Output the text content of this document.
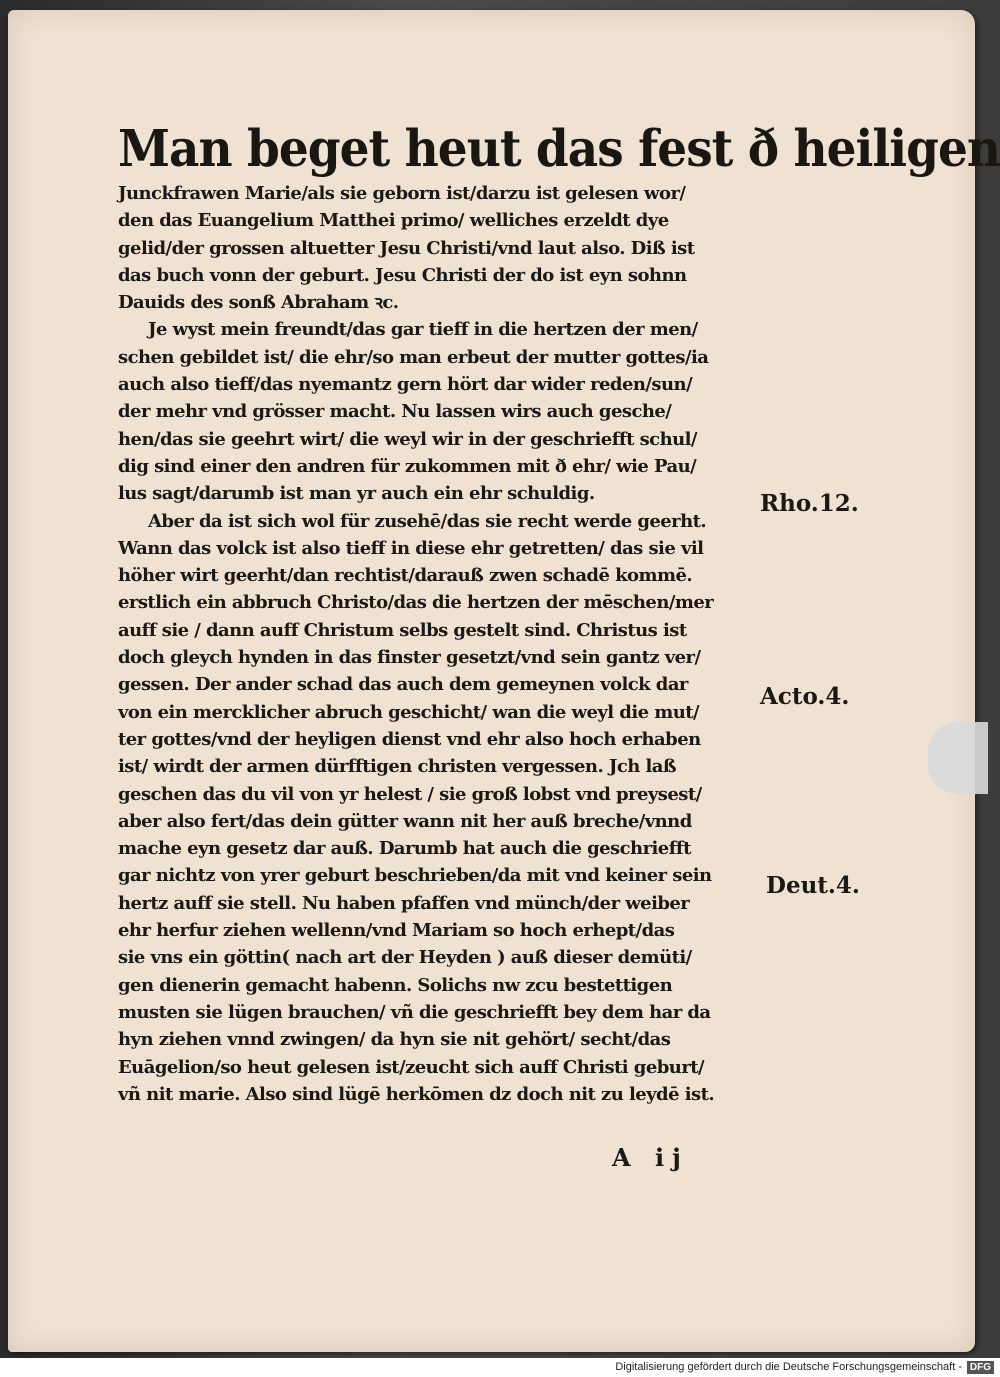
Man beget heut das fest ð heiligen
Junckfrawen Marie/als sie geborn ist/darzu ist gelesen wor/
den das Euangelium Matthei primo/ welliches erzeldt dye
gelid/der grossen altuetter Jesu Christi/vnd laut also. Diß ist
das buch vonn der geburt. Jesu Christi der do ist eyn sohnn
Dauids des sonß Abraham ꝛc.
Je wyst mein freundt/das gar tieff in die hertzen der men/
schen gebildet ist/ die ehr/so man erbeut der mutter gottes/ia
auch also tieff/das nyemantz gern hört dar wider reden/sun/
der mehr vnd grösser macht. Nu lassen wirs auch gesche/
hen/das sie geehrt wirt/ die weyl wir in der geschriefft schul/
dig sind einer den andren für zukommen mit ð ehr/ wie Pau/
lus sagt/darumb ist man yr auch ein ehr schuldig.
Aber da ist sich wol für zusehē/das sie recht werde geerht.
Wann das volck ist also tieff in diese ehr getretten/ das sie vil
höher wirt geerht/dan rechtist/darauß zwen schadē kommē.
erstlich ein abbruch Christo/das die hertzen der mēschen/mer
auff sie / dann auff Christum selbs gestelt sind. Christus ist
doch gleych hynden in das finster gesetzt/vnd sein gantz ver/
gessen. Der ander schad das auch dem gemeynen volck dar
von ein mercklicher abruch geschicht/ wan die weyl die mut/
ter gottes/vnd der heyligen dienst vnd ehr also hoch erhaben
ist/ wirdt der armen dürfftigen christen vergessen. Jch laß
geschen das du vil von yr helest / sie groß lobst vnd preysest/
aber also fert/das dein gütter wann nit her auß breche/vnnd
mache eyn gesetz dar auß. Darumb hat auch die geschriefft
gar nichtz von yrer geburt beschrieben/da mit vnd keiner sein
hertz auff sie stell. Nu haben pfaffen vnd münch/der weiber
ehr herfur ziehen wellenn/vnd Mariam so hoch erhept/das
sie vns ein göttin( nach art der Heyden ) auß dieser demüti/
gen dienerin gemacht habenn. Solichs nw zcu bestettigen
musten sie lügen brauchen/ vñ die geschriefft bey dem har da
hyn ziehen vnnd zwingen/ da hyn sie nit gehört/ secht/das
Euāgelion/so heut gelesen ist/zeucht sich auff Christi geburt/
vñ nit marie. Also sind lügē herkōmen dz doch nit zu leydē ist.
Rho.12.
Acto.4.
Deut.4.
A ij
Digitalisierung gefördert durch die Deutsche Forschungsgemeinschaft - DFG
